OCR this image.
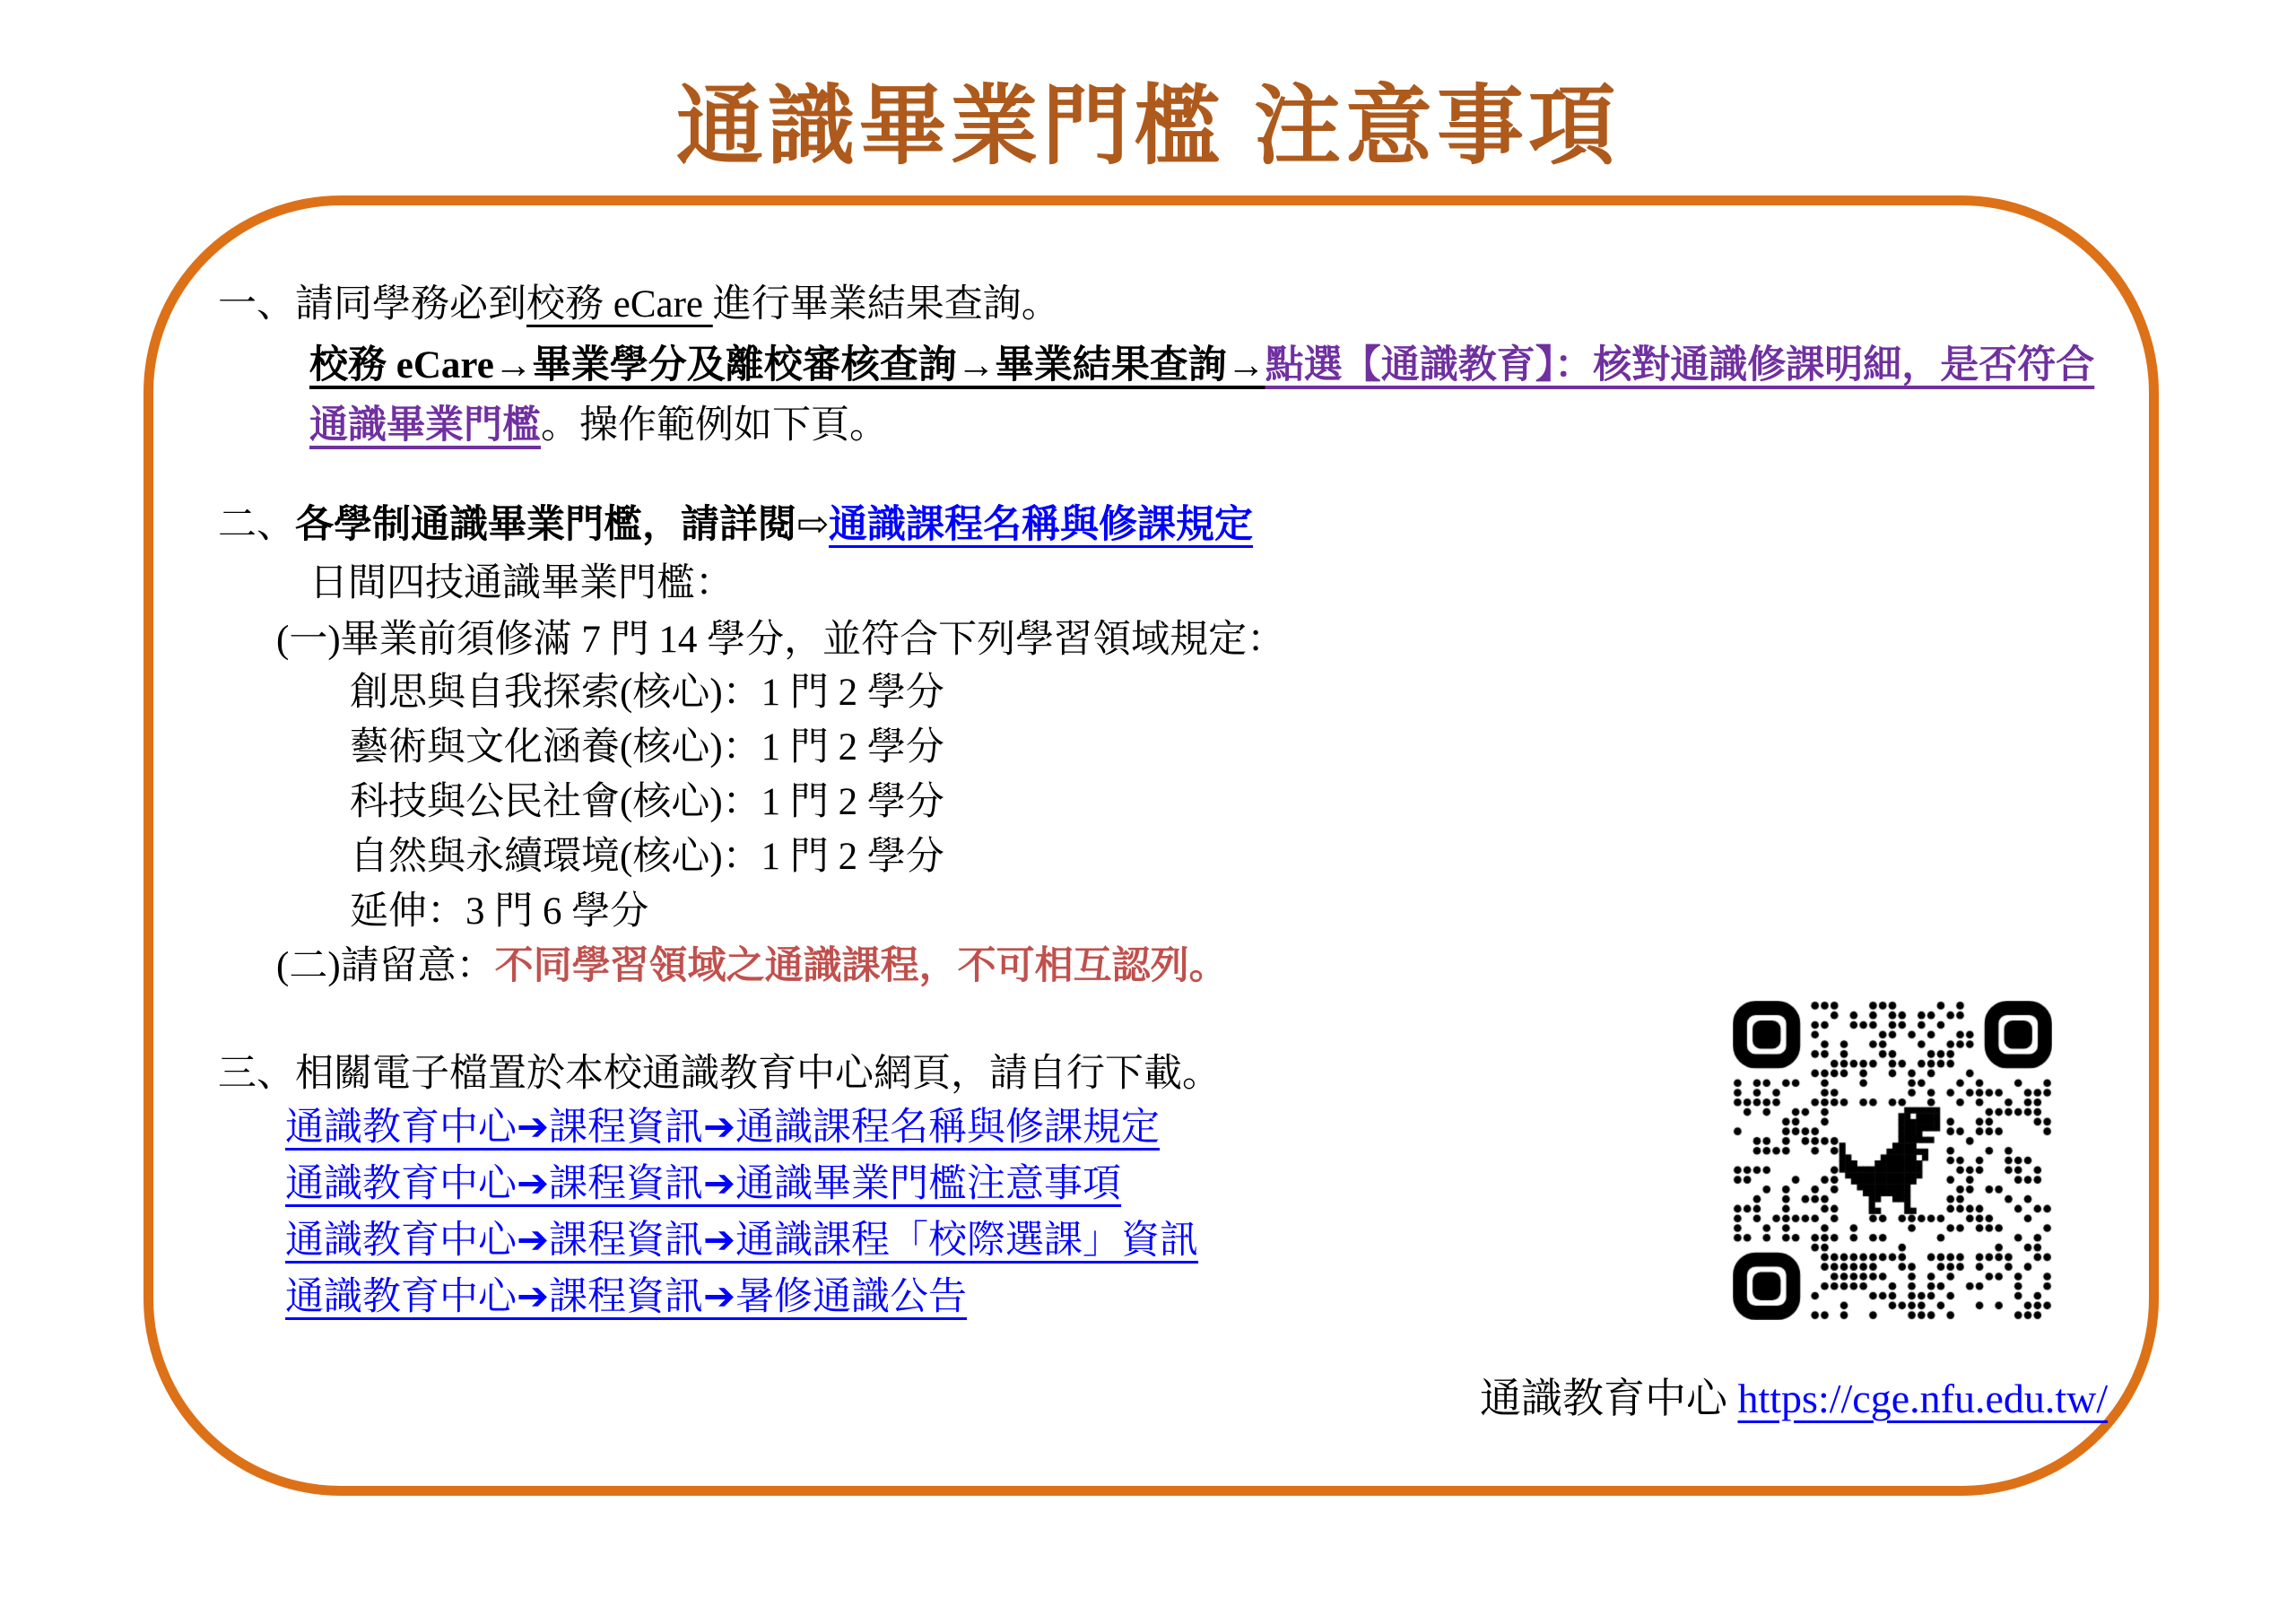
通識畢業門檻 注意事項
一、請同學務必到校務 eCare 進行畢業結果查詢。
校務 eCare→畢業學分及離校審核查詢→畢業結果查詢→點選【通識教育】：核對通識修課明細，是否符合
通識畢業門檻。操作範例如下頁。
二、各學制通識畢業門檻，請詳閱⇨通識課程名稱與修課規定
日間四技通識畢業門檻：
(一)畢業前須修滿 7 門 14 學分，並符合下列學習領域規定：
創思與自我探索(核心)：1 門 2 學分
藝術與文化涵養(核心)：1 門 2 學分
科技與公民社會(核心)：1 門 2 學分
自然與永續環境(核心)：1 門 2 學分
延伸：3 門 6 學分
(二)請留意：不同學習領域之通識課程，不可相互認列。
三、相關電子檔置於本校通識教育中心網頁，請自行下載。
通識教育中心➔課程資訊➔通識課程名稱與修課規定
通識教育中心➔課程資訊➔通識畢業門檻注意事項
通識教育中心➔課程資訊➔通識課程「校際選課」資訊
通識教育中心➔課程資訊➔暑修通識公告
通識教育中心 https://cge.nfu.edu.tw/
